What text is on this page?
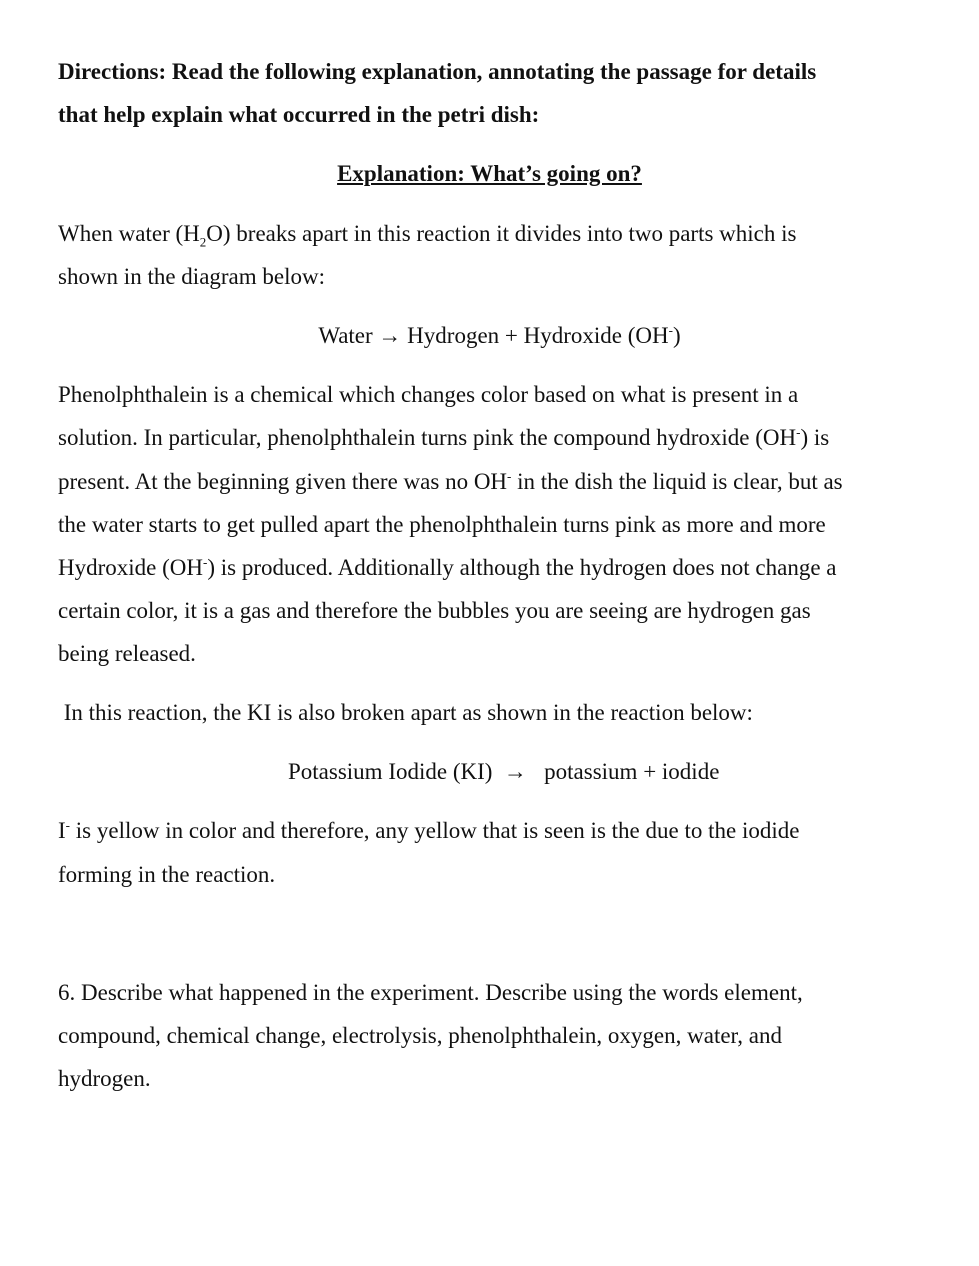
Directions: Read the following explanation, annotating the passage for details
that help explain what occurred in the petri dish:
Explanation: What’s going on?
When water $(H_2O)$ breaks apart in this reaction it divides into two parts which is
shown in the diagram below:
Water → Hydrogen + Hydroxide (OH-)
Phenolphthalein is a chemical which changes color based on what is present in a
solution. In particular, phenolphthalein turns pink the compound hydroxide (OH-) is
present. At the beginning given there was no OH- in the dish the liquid is clear, but as
the water starts to get pulled apart the phenolphthalein turns pink as more and more
Hydroxide (OH-) is produced. Additionally although the hydrogen does not change a
certain color, it is a gas and therefore the bubbles you are seeing are hydrogen gas
being released.
In this reaction, the KI is also broken apart as shown in the reaction below:
Potassium Iodide (KI)  →   potassium + iodide
I- is yellow in color and therefore, any yellow that is seen is the due to the iodide
forming in the reaction.
6. Describe what happened in the experiment. Describe using the words element,
compound, chemical change, electrolysis, phenolphthalein, oxygen, water, and
hydrogen.
